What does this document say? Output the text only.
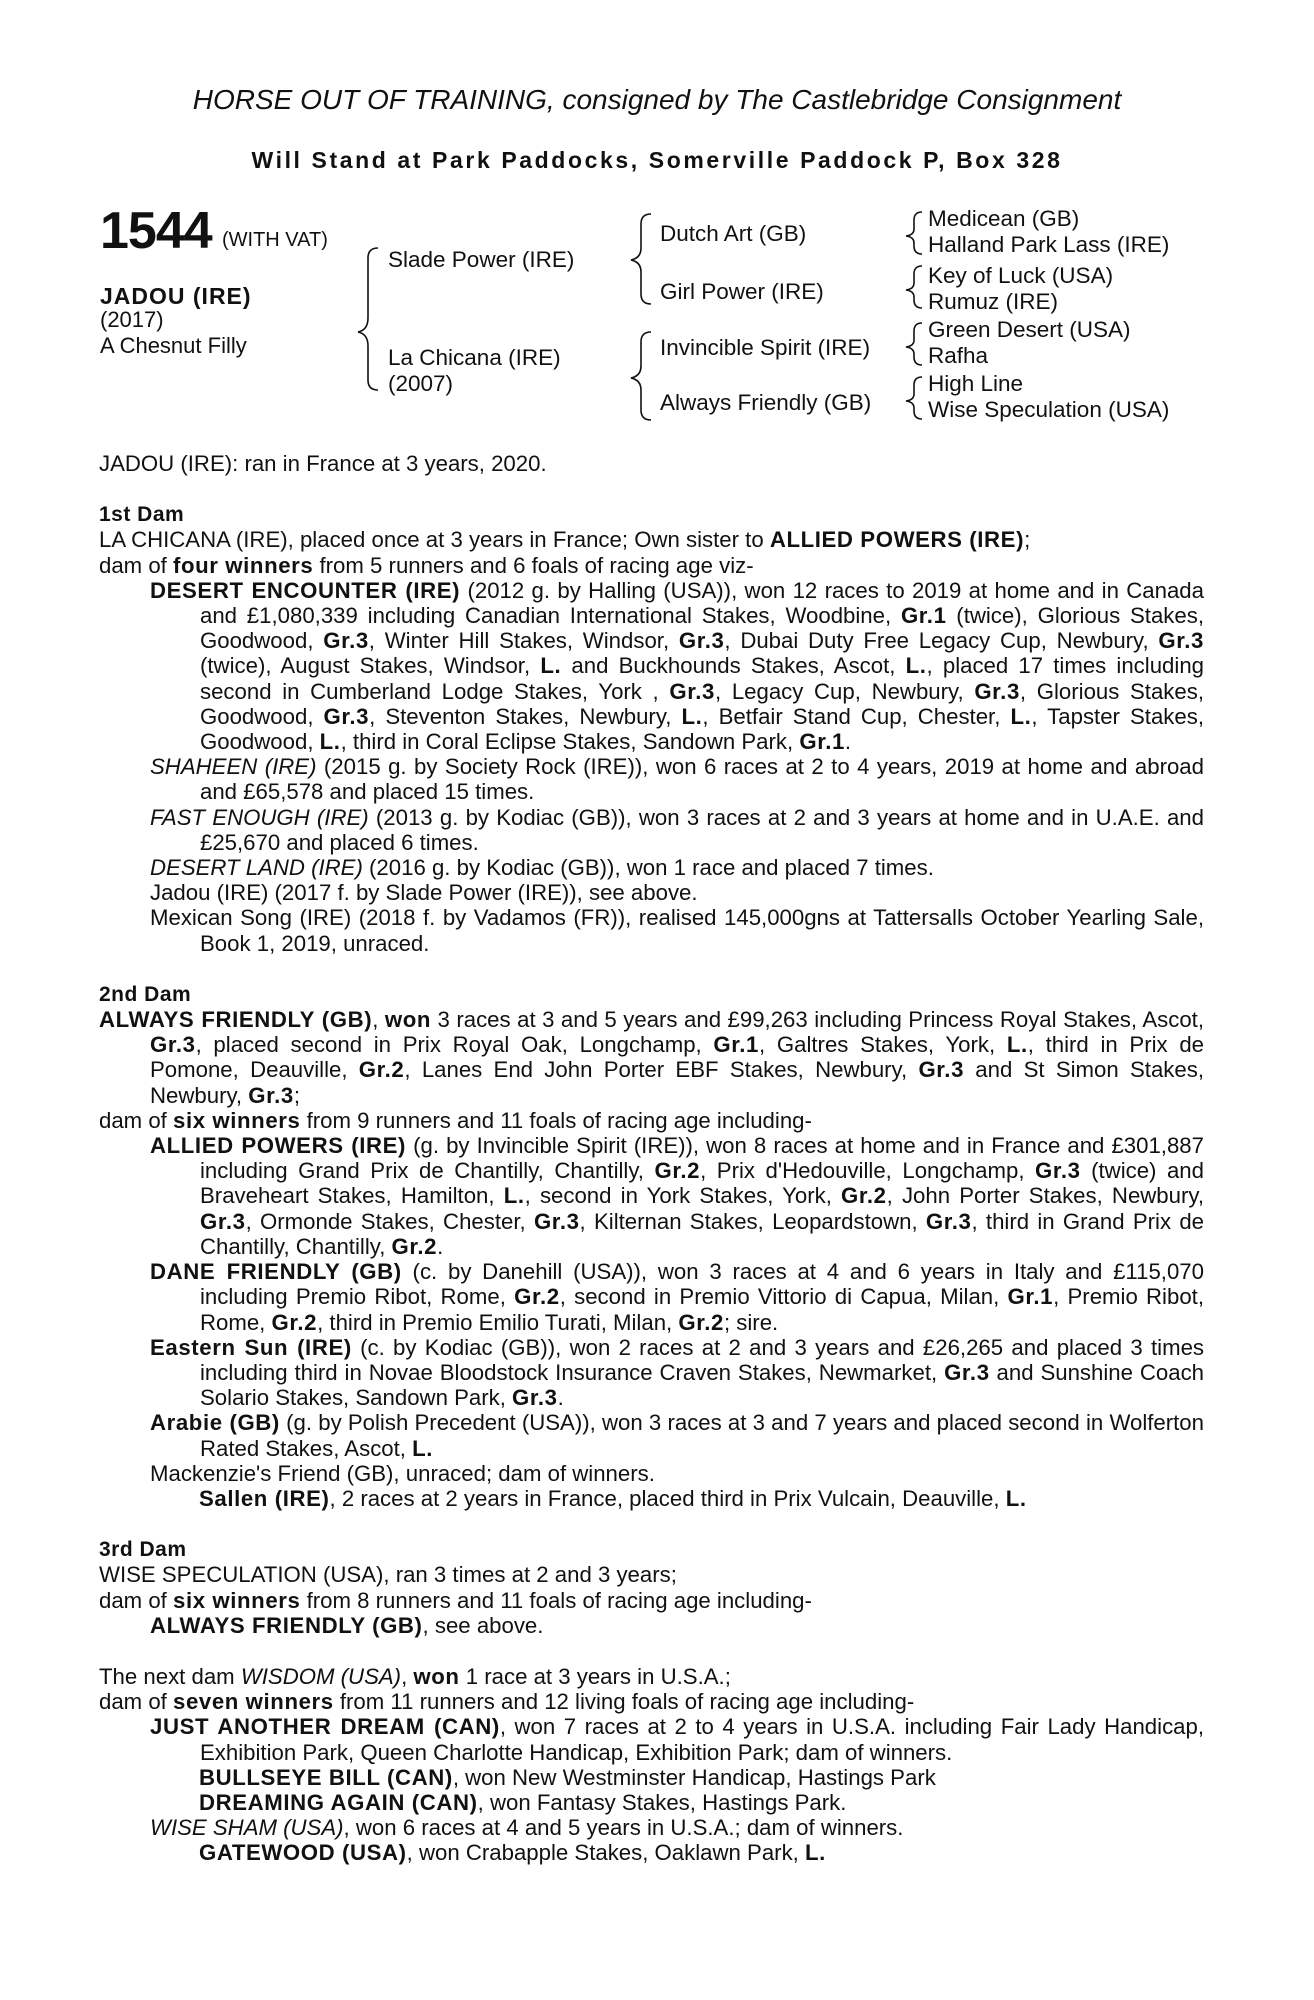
HORSE OUT OF TRAINING, consigned by The Castlebridge Consignment
Will Stand at Park Paddocks, Somerville Paddock P, Box 328
1544 (WITH VAT)
JADOU (IRE)
(2017)
A Chesnut Filly
Slade Power (IRE)
La Chicana (IRE)
(2007)
Dutch Art (GB)
Girl Power (IRE)
Invincible Spirit (IRE)
Always Friendly (GB)
Medicean (GB)
Halland Park Lass (IRE)
Key of Luck (USA)
Rumuz (IRE)
Green Desert (USA)
Rafha
High Line
Wise Speculation (USA)

JADOU (IRE): ran in France at 3 years, 2020.

1st Dam

LA CHICANA (IRE), placed once at 3 years in France; Own sister to ALLIED POWERS (IRE);
dam of four winners from 5 runners and 6 foals of racing age viz-

DESERT ENCOUNTER (IRE) (2012 g. by Halling (USA)), won 12 races to 2019 at home and in Canada and £1,080,339 including Canadian International Stakes, Woodbine, Gr.1 (twice), Glorious Stakes, Goodwood, Gr.3, Winter Hill Stakes, Windsor, Gr.3, Dubai Duty Free Legacy Cup, Newbury, Gr.3 (twice), August Stakes, Windsor, L. and Buckhounds Stakes, Ascot, L., placed 17 times including second in Cumberland Lodge Stakes, York , Gr.3, Legacy Cup, Newbury, Gr.3, Glorious Stakes, Goodwood, Gr.3, Steventon Stakes, Newbury, L., Betfair Stand Cup, Chester, L., Tapster Stakes, Goodwood, L., third in Coral Eclipse Stakes, Sandown Park, Gr.1.

SHAHEEN (IRE) (2015 g. by Society Rock (IRE)), won 6 races at 2 to 4 years, 2019 at home and abroad and £65,578 and placed 15 times.

FAST ENOUGH (IRE) (2013 g. by Kodiac (GB)), won 3 races at 2 and 3 years at home and in U.A.E. and £25,670 and placed 6 times.

DESERT LAND (IRE) (2016 g. by Kodiac (GB)), won 1 race and placed 7 times.

Jadou (IRE) (2017 f. by Slade Power (IRE)), see above.

Mexican Song (IRE) (2018 f. by Vadamos (FR)), realised 145,000gns at Tattersalls October Yearling Sale, Book 1, 2019, unraced.

2nd Dam

ALWAYS FRIENDLY (GB), won 3 races at 3 and 5 years and £99,263 including Princess Royal Stakes, Ascot, Gr.3, placed second in Prix Royal Oak, Longchamp, Gr.1, Galtres Stakes, York, L., third in Prix de Pomone, Deauville, Gr.2, Lanes End John Porter EBF Stakes, Newbury, Gr.3 and St Simon Stakes, Newbury, Gr.3;

dam of six winners from 9 runners and 11 foals of racing age including-

ALLIED POWERS (IRE) (g. by Invincible Spirit (IRE)), won 8 races at home and in France and £301,887 including Grand Prix de Chantilly, Chantilly, Gr.2, Prix d'Hedouville, Longchamp, Gr.3 (twice) and Braveheart Stakes, Hamilton, L., second in York Stakes, York, Gr.2, John Porter Stakes, Newbury, Gr.3, Ormonde Stakes, Chester, Gr.3, Kilternan Stakes, Leopardstown, Gr.3, third in Grand Prix de Chantilly, Chantilly, Gr.2.

DANE FRIENDLY (GB) (c. by Danehill (USA)), won 3 races at 4 and 6 years in Italy and £115,070 including Premio Ribot, Rome, Gr.2, second in Premio Vittorio di Capua, Milan, Gr.1, Premio Ribot, Rome, Gr.2, third in Premio Emilio Turati, Milan, Gr.2; sire.

Eastern Sun (IRE) (c. by Kodiac (GB)), won 2 races at 2 and 3 years and £26,265 and placed 3 times including third in Novae Bloodstock Insurance Craven Stakes, Newmarket, Gr.3 and Sunshine Coach Solario Stakes, Sandown Park, Gr.3.

Arabie (GB) (g. by Polish Precedent (USA)), won 3 races at 3 and 7 years and placed second in Wolferton Rated Stakes, Ascot, L.

Mackenzie's Friend (GB), unraced; dam of winners.

Sallen (IRE), 2 races at 2 years in France, placed third in Prix Vulcain, Deauville, L.

3rd Dam

WISE SPECULATION (USA), ran 3 times at 2 and 3 years;

dam of six winners from 8 runners and 11 foals of racing age including-

ALWAYS FRIENDLY (GB), see above.

The next dam WISDOM (USA), won 1 race at 3 years in U.S.A.;

dam of seven winners from 11 runners and 12 living foals of racing age including-

JUST ANOTHER DREAM (CAN), won 7 races at 2 to 4 years in U.S.A. including Fair Lady Handicap, Exhibition Park, Queen Charlotte Handicap, Exhibition Park; dam of winners.

BULLSEYE BILL (CAN), won New Westminster Handicap, Hastings Park

DREAMING AGAIN (CAN), won Fantasy Stakes, Hastings Park.

WISE SHAM (USA), won 6 races at 4 and 5 years in U.S.A.; dam of winners.

GATEWOOD (USA), won Crabapple Stakes, Oaklawn Park, L.
